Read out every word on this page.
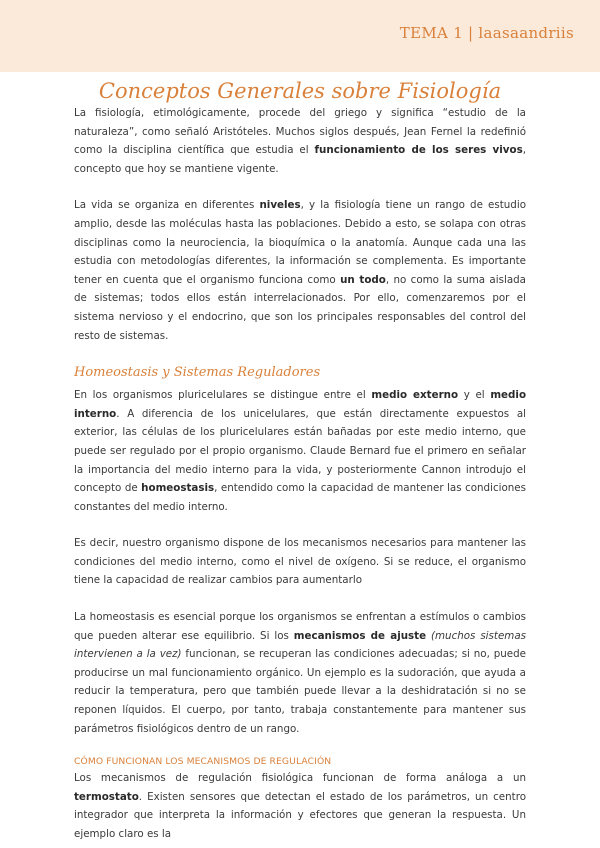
TEMA 1 | laasaandriis
Conceptos Generales sobre Fisiología

La fisiología, etimológicamente, procede del griego y significa “estudio de la naturaleza”, como señaló Aristóteles. Muchos siglos después, Jean Fernel la redefinió como la disciplina científica que estudia el funcionamiento de los seres vivos, concepto que hoy se mantiene vigente.

La vida se organiza en diferentes niveles, y la fisiología tiene un rango de estudio amplio, desde las moléculas hasta las poblaciones. Debido a esto, se solapa con otras disciplinas como la neurociencia, la bioquímica o la anatomía. Aunque cada una las estudia con metodologías diferentes, la información se complementa. Es importante tener en cuenta que el organismo funciona como un todo, no como la suma aislada de sistemas; todos ellos están interrelacionados. Por ello, comenzaremos por el sistema nervioso y el endocrino, que son los principales responsables del control del resto de sistemas.

Homeostasis y Sistemas Reguladores

En los organismos pluricelulares se distingue entre el medio externo y el medio interno. A diferencia de los unicelulares, que están directamente expuestos al exterior, las células de los pluricelulares están bañadas por este medio interno, que puede ser regulado por el propio organismo. Claude Bernard fue el primero en señalar la importancia del medio interno para la vida, y posteriormente Cannon introdujo el concepto de homeostasis, entendido como la capacidad de mantener las condiciones constantes del medio interno.

Es decir, nuestro organismo dispone de los mecanismos necesarios para mantener las condiciones del medio interno, como el nivel de oxígeno. Si se reduce, el organismo tiene la capacidad de realizar cambios para aumentarlo

La homeostasis es esencial porque los organismos se enfrentan a estímulos o cambios que pueden alterar ese equilibrio. Si los mecanismos de ajuste (muchos sistemas intervienen a la vez) funcionan, se recuperan las condiciones adecuadas; si no, puede producirse un mal funcionamiento orgánico. Un ejemplo es la sudoración, que ayuda a reducir la temperatura, pero que también puede llevar a la deshidratación si no se reponen líquidos. El cuerpo, por tanto, trabaja constantemente para mantener sus parámetros fisiológicos dentro de un rango.

CÓMO FUNCIONAN LOS MECANISMOS DE REGULACIÓN

Los mecanismos de regulación fisiológica funcionan de forma análoga a un termostato. Existen sensores que detectan el estado de los parámetros, un centro integrador que interpreta la información y efectores que generan la respuesta. Un ejemplo claro es la
